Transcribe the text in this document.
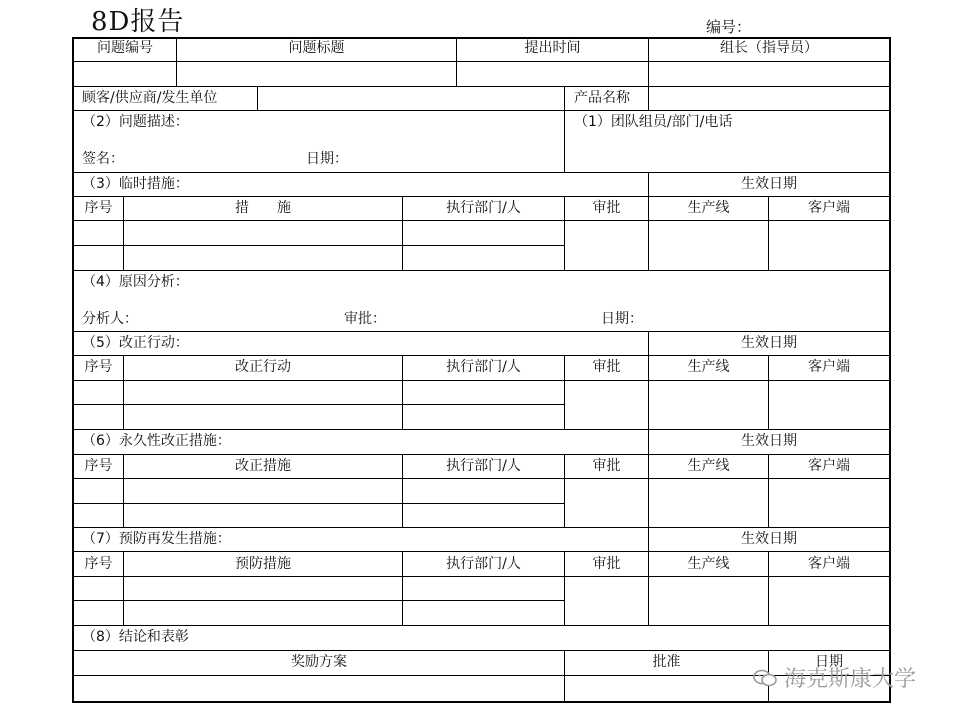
8D报告	编号：
问题编号	问题标题	提出时间	组长（指导员）
顾客/供应商/发生单位	产品名称
（2）问题描述：
签名：	日期：
（1）团队组员/部门/电话
（3）临时措施：	生效日期
序号	措　　施	执行部门/人	审批	生产线	客户端
（4）原因分析：
分析人：	审批：	日期：
（5）改正行动：	生效日期
序号	改正行动	执行部门/人	审批	生产线	客户端
（6）永久性改正措施：	生效日期
序号	改正措施	执行部门/人	审批	生产线	客户端
（7）预防再发生措施：	生效日期
序号	预防措施	执行部门/人	审批	生产线	客户端
（8）结论和表彰
奖励方案	批准	日期
海克斯康大学
